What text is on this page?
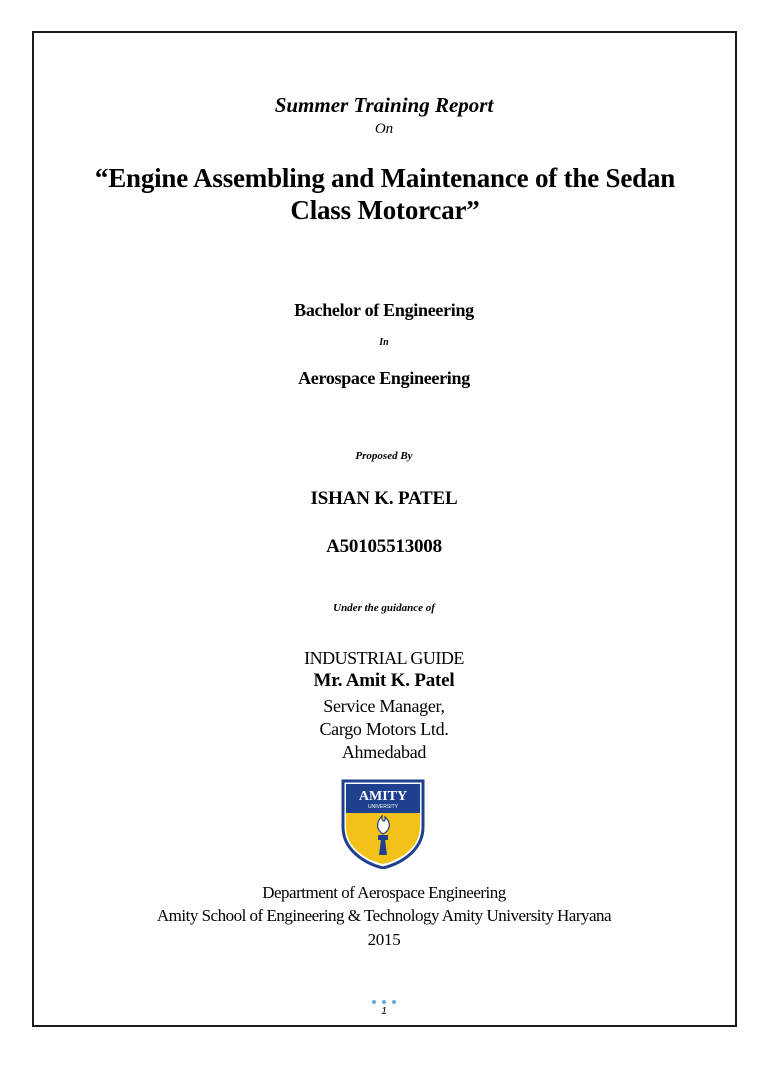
Summer Training Report
On
“Engine Assembling and Maintenance of the Sedan Class Motorcar”
Bachelor of Engineering
In
Aerospace Engineering
Proposed By
ISHAN K. PATEL
A50105513008
Under the guidance of
INDUSTRIAL GUIDE
Mr. Amit K. Patel
Service Manager,
Cargo Motors Ltd.
Ahmedabad
AMITY
UNIVERSITY
Department of Aerospace Engineering
Amity School of Engineering & Technology Amity University Haryana
2015
1
